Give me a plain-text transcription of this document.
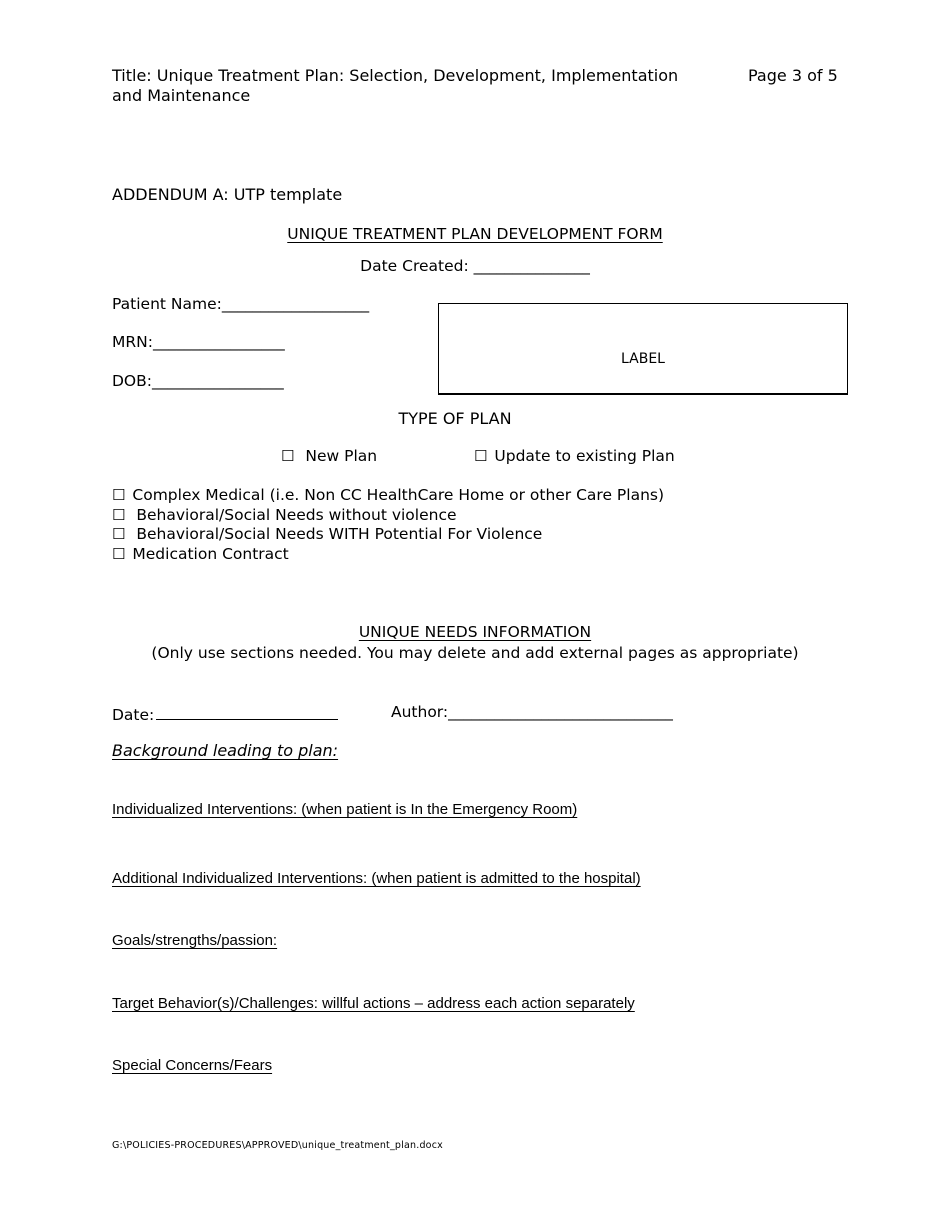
Title: Unique Treatment Plan: Selection, Development, Implementation
and Maintenance
Page 3 of 5
ADDENDUM A: UTP template
UNIQUE TREATMENT PLAN DEVELOPMENT FORM
Date Created: _______________
Patient Name:___________________
MRN:_________________
DOB:_________________
LABEL
TYPE OF PLAN
☐ New Plan	☐ Update to existing Plan
☐ Complex Medical (i.e. Non CC HealthCare Home or other Care Plans)
☐ Behavioral/Social Needs without violence
☐ Behavioral/Social Needs WITH Potential For Violence
☐ Medication Contract
UNIQUE NEEDS INFORMATION
(Only use sections needed. You may delete and add external pages as appropriate)
Date:	Author:_____________________________
Background leading to plan:
Individualized Interventions: (when patient is In the Emergency Room)
Additional Individualized Interventions: (when patient is admitted to the hospital)
Goals/strengths/passion:
Target Behavior(s)/Challenges: willful actions – address each action separately
Special Concerns/Fears
G:\POLICIES-PROCEDURES\APPROVED\unique_treatment_plan.docx
